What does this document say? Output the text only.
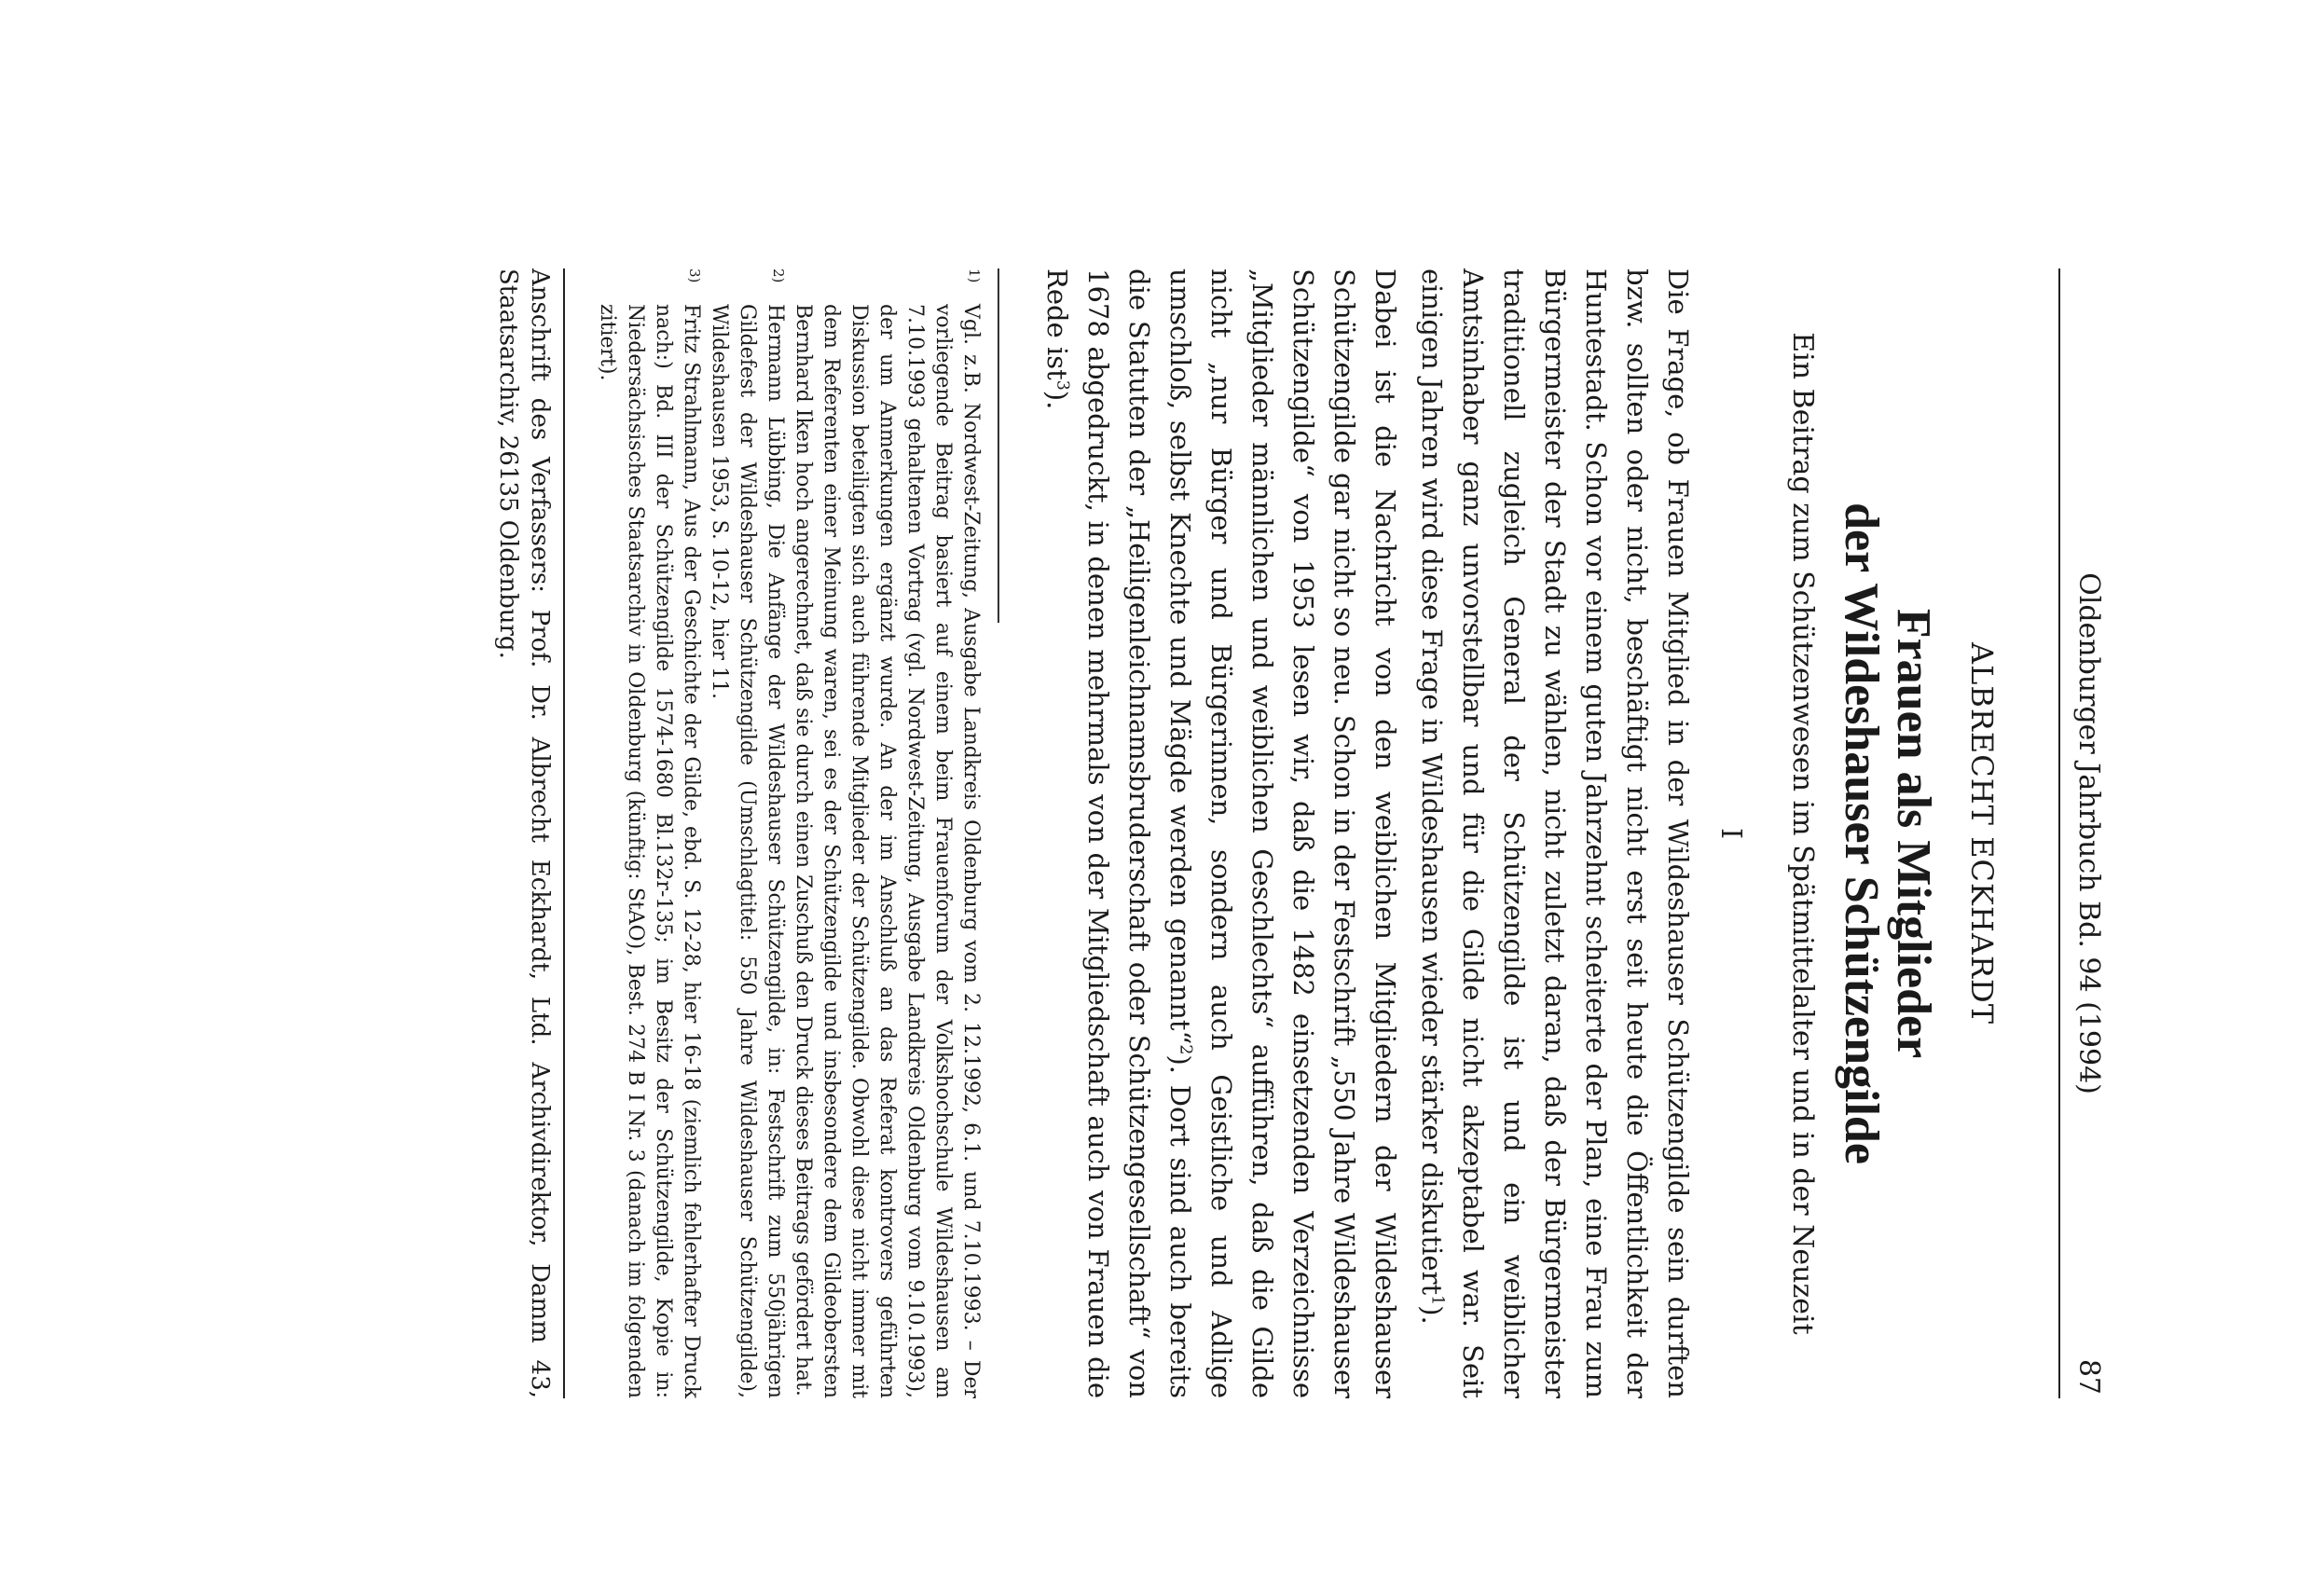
Oldenburger Jahrbuch Bd. 94 (1994)
87
ALBRECHT ECKHARDT
Frauen als Mitglieder
der Wildeshauser Schützengilde
Ein Beitrag zum Schützenwesen im Spätmittelalter und in der Neuzeit
I

Die Frage, ob Frauen Mitglied in der Wildeshauser Schützengilde sein durften bzw. sollten oder nicht, beschäftigt nicht erst seit heute die Öffentlichkeit der Huntestadt. Schon vor einem guten Jahrzehnt scheiterte der Plan, eine Frau zum Bürgermeister der Stadt zu wählen, nicht zuletzt daran, daß der Bürgermeister traditionell zugleich General der Schützengilde ist und ein weiblicher Amtsinhaber ganz unvorstellbar und für die Gilde nicht akzeptabel war. Seit einigen Jahren wird diese Frage in Wildeshausen wieder stärker diskutiert$^1$).

Dabei ist die Nachricht von den weiblichen Mitgliedern der Wildeshauser Schützengilde gar nicht so neu. Schon in der Festschrift „550 Jahre Wildeshauser Schützengilde“ von 1953 lesen wir, daß die 1482 einsetzenden Verzeichnisse „Mitglieder männlichen und weiblichen Geschlechts“ aufführen, daß die Gilde nicht „nur Bürger und Bürgerinnen, sondern auch Geistliche und Adlige umschloß, selbst Knechte und Mägde werden genannt“$^2$). Dort sind auch bereits die Statuten der „Heiligenleichnamsbruderschaft oder Schützengesellschaft“ von 1678 abgedruckt, in denen mehrmals von der Mitgliedschaft auch von Frauen die Rede ist$^3$).

1)
Vgl. z.B. Nordwest-Zeitung, Ausgabe Landkreis Oldenburg vom 2. 12.1992, 6.1. und 7.10.1993. – Der vorliegende Beitrag basiert auf einem beim Frauenforum der Volkshochschule Wildeshausen am 7.10.1993 gehaltenen Vortrag (vgl. Nordwest-Zeitung, Ausgabe Landkreis Oldenburg vom 9.10.1993), der um Anmerkungen ergänzt wurde. An der im Anschluß an das Referat kontrovers geführten Diskussion beteiligten sich auch führende Mitglieder der Schützengilde. Obwohl diese nicht immer mit dem Referenten einer Meinung waren, sei es der Schützengilde und insbesondere dem Gildeobersten Bernhard Iken hoch angerechnet, daß sie durch einen Zuschuß den Druck dieses Beitrags gefördert hat.
2)
Hermann Lübbing, Die Anfänge der Wildeshauser Schützengilde, in: Festschrift zum 550jährigen Gildefest der Wildeshauser Schützengilde (Umschlagtitel: 550 Jahre Wildeshauser Schützengilde), Wildeshausen 1953, S. 10-12, hier 11.
3)
Fritz Strahlmann, Aus der Geschichte der Gilde, ebd. S. 12-28, hier 16-18 (ziemlich fehlerhafter Druck nach:) Bd. III der Schützengilde 1574-1680 Bl.132r-135; im Besitz der Schützengilde, Kopie in: Niedersächsisches Staatsarchiv in Oldenburg (künftig: StAO), Best. 274 B I Nr. 3 (danach im folgenden zitiert).
Anschrift des Verfassers: Prof. Dr. Albrecht Eckhardt, Ltd. Archivdirektor, Damm 43, Staatsarchiv, 26135 Oldenburg.
